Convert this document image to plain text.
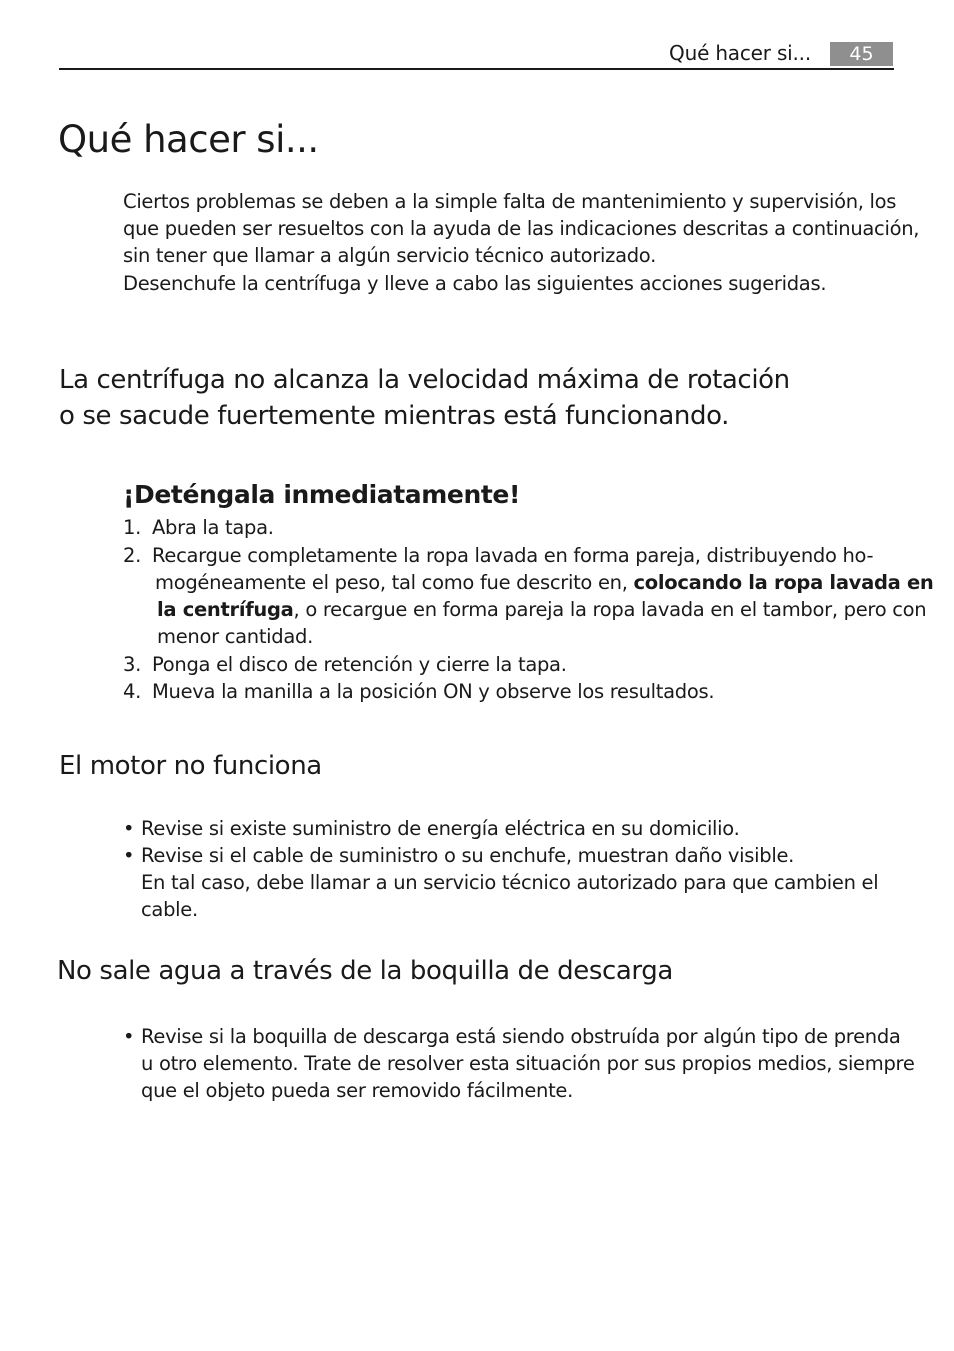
Qué hacer si...	45
Qué hacer si...
Ciertos problemas se deben a la simple falta de mantenimiento y supervisión, los
que pueden ser resueltos con la ayuda de las indicaciones descritas a continuación,
sin tener que llamar a algún servicio técnico autorizado.
Desenchufe la centrífuga y lleve a cabo las siguientes acciones sugeridas.
La centrífuga no alcanza la velocidad máxima de rotación
o se sacude fuertemente mientras está funcionando.
¡Deténgala inmediatamente!
1. Abra la tapa.
2. Recargue completamente la ropa lavada en forma pareja, distribuyendo ho-
mogéneamente el peso, tal como fue descrito en, colocando la ropa lavada en
la centrífuga, o recargue en forma pareja la ropa lavada en el tambor, pero con
menor cantidad.
3. Ponga el disco de retención y cierre la tapa.
4. Mueva la manilla a la posición ON y observe los resultados.
El motor no funciona
• Revise si existe suministro de energía eléctrica en su domicilio.
• Revise si el cable de suministro o su enchufe, muestran daño visible.
En tal caso, debe llamar a un servicio técnico autorizado para que cambien el
cable.
No sale agua a través de la boquilla de descarga
• Revise si la boquilla de descarga está siendo obstruída por algún tipo de prenda
u otro elemento. Trate de resolver esta situación por sus propios medios, siempre
que el objeto pueda ser removido fácilmente.
